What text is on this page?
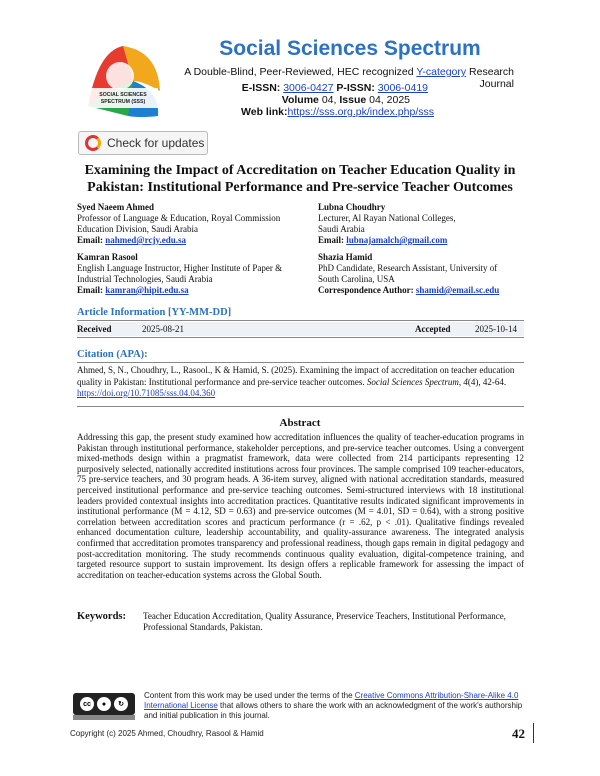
SOCIAL SCIENCES
SPECTRUM (SSS)
Social Sciences Spectrum
A Double-Blind, Peer-Reviewed, HEC recognized Y-category Research Journal
E-ISSN: 3006-0427 P-ISSN: 3006-0419
Volume 04, Issue 04, 2025
Web link:https://sss.org.pk/index.php/sss
Check for updates
Examining the Impact of Accreditation on Teacher Education Quality in
Pakistan: Institutional Performance and Pre-service Teacher Outcomes
Syed Naeem Ahmed
Professor of Language & Education, Royal Commission
Education Division, Saudi Arabia
Email: nahmed@rcjy.edu.sa
Lubna Choudhry
Lecturer, Al Rayan National Colleges,
Saudi Arabia
Email: lubnajamalch@gmail.com
Kamran Rasool
English Language Instructor, Higher Institute of Paper &
Industrial Technologies, Saudi Arabia
Email: kamran@hipit.edu.sa
Shazia Hamid
PhD Candidate, Research Assistant, University of
South Carolina, USA
Correspondence Author: shamid@email.sc.edu
Article Information [YY-MM-DD]
Received	2025-08-21	Accepted	2025-10-14
Citation (APA):
Ahmed, S, N., Choudhry, L., Rasool., K & Hamid, S. (2025). Examining the impact of accreditation on teacher education quality in Pakistan: Institutional performance and pre-service teacher outcomes. Social Sciences Spectrum, 4(4), 42-64. https://doi.org/10.71085/sss.04.04.360
Abstract
Addressing this gap, the present study examined how accreditation influences the quality of teacher-education programs in Pakistan through institutional performance, stakeholder perceptions, and pre-service teacher outcomes. Using a convergent mixed-methods design within a pragmatist framework, data were collected from 214 participants representing 12 purposively selected, nationally accredited institutions across four provinces. The sample comprised 109 teacher-educators, 75 pre-service teachers, and 30 program heads. A 36-item survey, aligned with national accreditation standards, measured perceived institutional performance and pre-service teaching outcomes. Semi-structured interviews with 18 institutional leaders provided contextual insights into accreditation practices. Quantitative results indicated significant improvements in institutional performance (M = 4.12, SD = 0.63) and pre-service outcomes (M = 4.01, SD = 0.64), with a strong positive correlation between accreditation scores and practicum performance (r = .62, p < .01). Qualitative findings revealed enhanced documentation culture, leadership accountability, and quality-assurance awareness. The integrated analysis confirmed that accreditation promotes transparency and professional readiness, though gaps remain in digital pedagogy and post-accreditation monitoring. The study recommends continuous quality evaluation, digital-competence training, and targeted resource support to sustain improvement. Its design offers a replicable framework for assessing the impact of accreditation on teacher-education systems across the Global South.
Keywords: Teacher Education Accreditation, Quality Assurance, Preservice Teachers, Institutional Performance, Professional Standards, Pakistan.
cc	●	↻
Content from this work may be used under the terms of the Creative Commons Attribution-Share-Alike 4.0 International License that allows others to share the work with an acknowledgment of the work's authorship and initial publication in this journal.
Copyright (c) 2025 Ahmed, Choudhry, Rasool & Hamid	42
